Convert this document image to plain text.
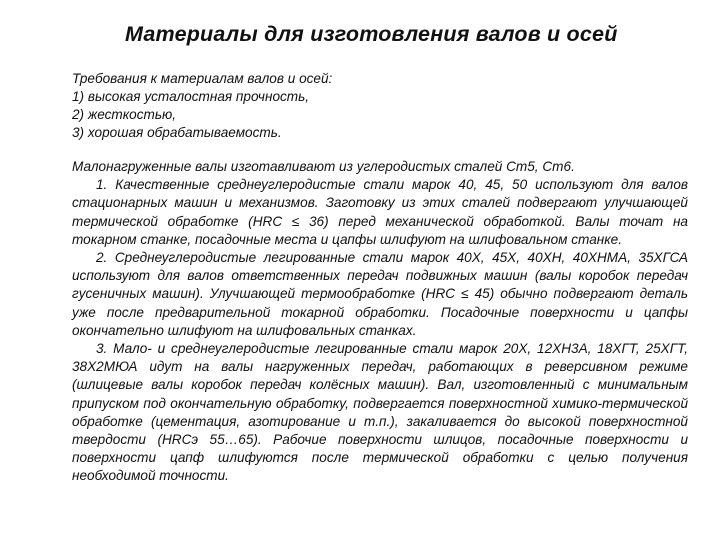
Материалы для изготовления валов и осей
Требования к материалам валов и осей:
1) высокая усталостная прочность,
2) жесткостью,
3) хорошая обрабатываемость.

Малонагруженные валы изготавливают из углеродистых сталей Ст5, Ст6.

1. Качественные среднеуглеродистые стали марок 40, 45, 50 используют для валов стационарных машин и механизмов. Заготовку из этих сталей подвергают улучшающей термической обработке (HRC ≤ 36) перед механической обработкой. Валы точат на токарном станке, посадочные места и цапфы шлифуют на шлифовальном станке.

2. Среднеуглеродистые легированные стали марок 40Х, 45Х, 40ХН, 40ХНМА, 35ХГСА используют для валов ответственных передач подвижных машин (валы коробок передач гусеничных машин). Улучшающей термообработке (HRC ≤ 45) обычно подвергают деталь уже после предварительной токарной обработки. Посадочные поверхности и цапфы окончательно шлифуют на шлифовальных станках.

3. Мало- и среднеуглеродистые легированные стали марок 20Х, 12ХН3А, 18ХГТ, 25ХГТ, 38Х2МЮА идут на валы нагруженных передач, работающих в реверсивном режиме (шлицевые валы коробок передач колёсных машин). Вал, изготовленный с минимальным припуском под окончательную обработку, подвергается поверхностной химико-термической обработке (цементация, азотирование и т.п.), закаливается до высокой поверхностной твердости (HRCэ 55…65). Рабочие поверхности шлицов, посадочные поверхности и поверхности цапф шлифуются после термической обработки с целью получения необходимой точности.
